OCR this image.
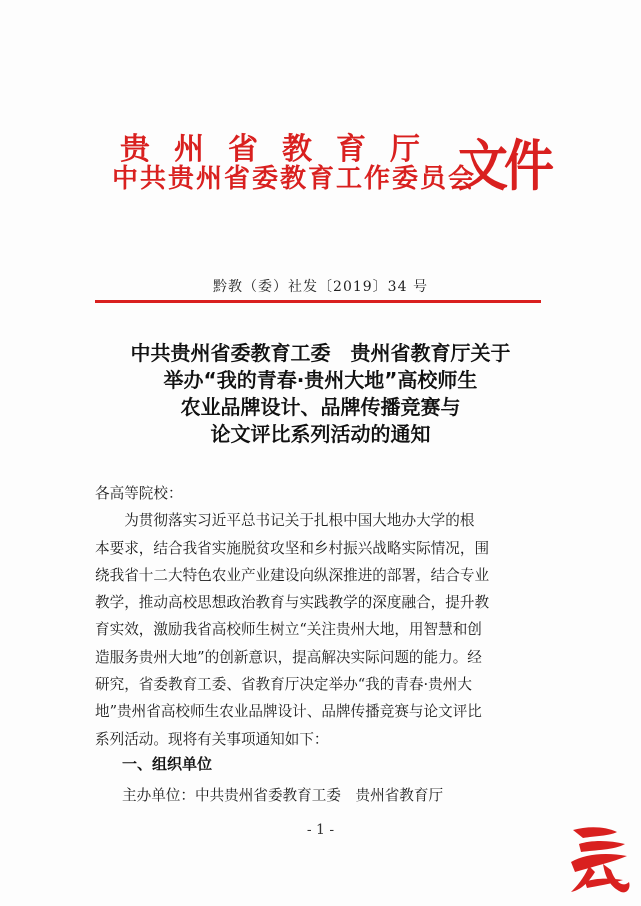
贵州省教育厅
中共贵州省委教育工作委员会
文件
黔教（委）社发〔2019〕34 号
中共贵州省委教育工委　贵州省教育厅关于
举办“我的青春·贵州大地”高校师生
农业品牌设计、品牌传播竞赛与
论文评比系列活动的通知
各高等院校：
　　为贯彻落实习近平总书记关于扎根中国大地办大学的根
本要求，结合我省实施脱贫攻坚和乡村振兴战略实际情况，围
绕我省十二大特色农业产业建设向纵深推进的部署，结合专业
教学，推动高校思想政治教育与实践教学的深度融合，提升教
育实效，激励我省高校师生树立“关注贵州大地，用智慧和创
造服务贵州大地”的创新意识，提高解决实际问题的能力。经
研究，省委教育工委、省教育厅决定举办“我的青春·贵州大
地”贵州省高校师生农业品牌设计、品牌传播竞赛与论文评比
系列活动。现将有关事项通知如下：
一、组织单位
主办单位：中共贵州省委教育工委　贵州省教育厅
- 1 -
